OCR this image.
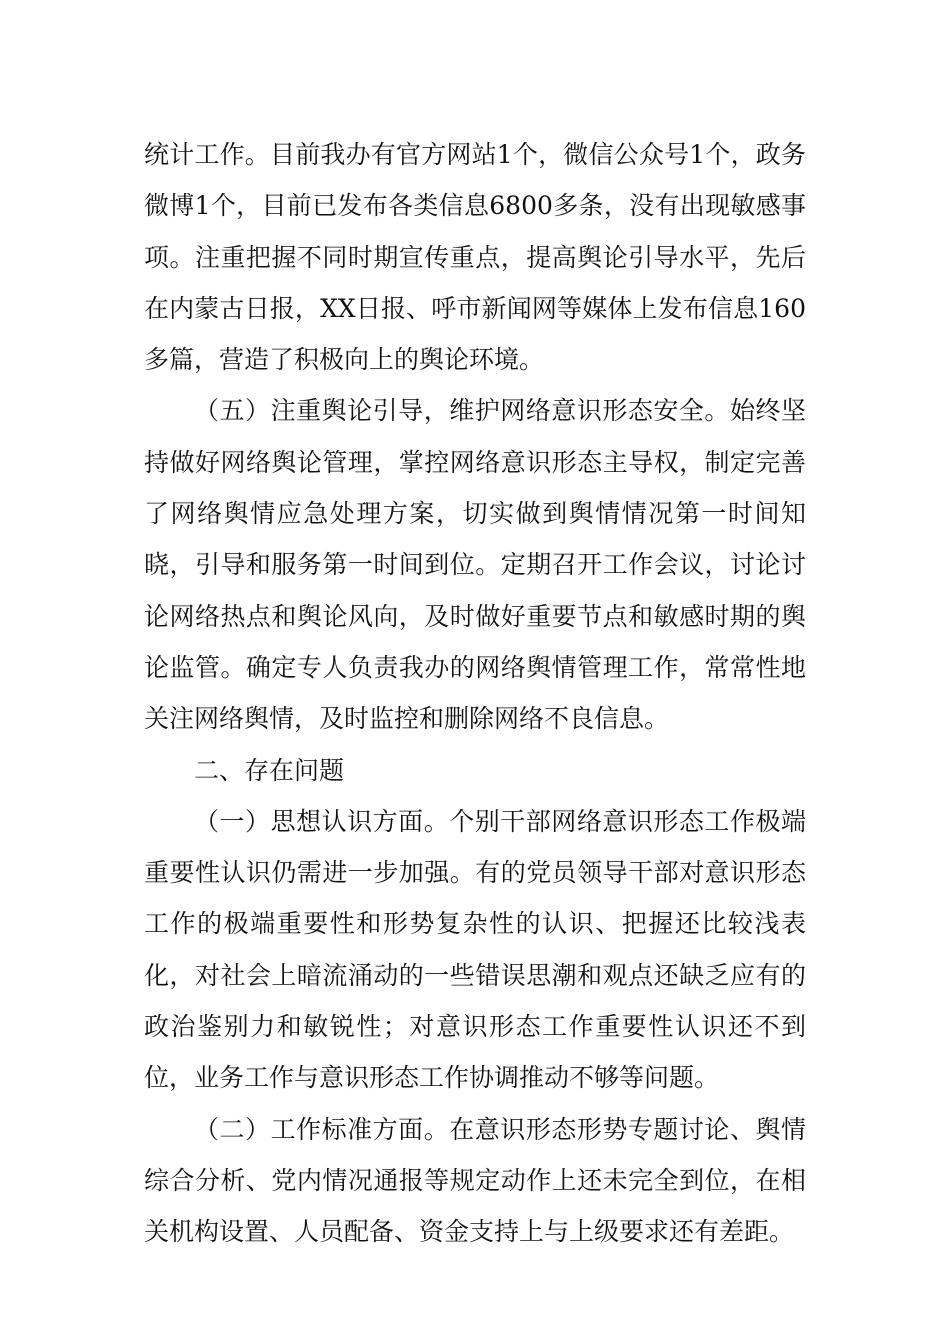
统计工作。目前我办有官方网站1个，微信公众号1个，政务微博1个，目前已发布各类信息6800多条，没有出现敏感事项。注重把握不同时期宣传重点，提高舆论引导水平，先后在内蒙古日报，XX日报、呼市新闻网等媒体上发布信息160多篇，营造了积极向上的舆论环境。

（五）注重舆论引导，维护网络意识形态安全。始终坚持做好网络舆论管理，掌控网络意识形态主导权，制定完善了网络舆情应急处理方案，切实做到舆情情况第一时间知晓，引导和服务第一时间到位。定期召开工作会议，讨论讨论网络热点和舆论风向，及时做好重要节点和敏感时期的舆论监管。确定专人负责我办的网络舆情管理工作，常常性地关注网络舆情，及时监控和删除网络不良信息。

二、存在问题

（一）思想认识方面。个别干部网络意识形态工作极端重要性认识仍需进一步加强。有的党员领导干部对意识形态工作的极端重要性和形势复杂性的认识、把握还比较浅表化，对社会上暗流涌动的一些错误思潮和观点还缺乏应有的政治鉴别力和敏锐性；对意识形态工作重要性认识还不到位，业务工作与意识形态工作协调推动不够等问题。

（二）工作标准方面。在意识形态形势专题讨论、舆情综合分析、党内情况通报等规定动作上还未完全到位，在相关机构设置、人员配备、资金支持上与上级要求还有差距。
